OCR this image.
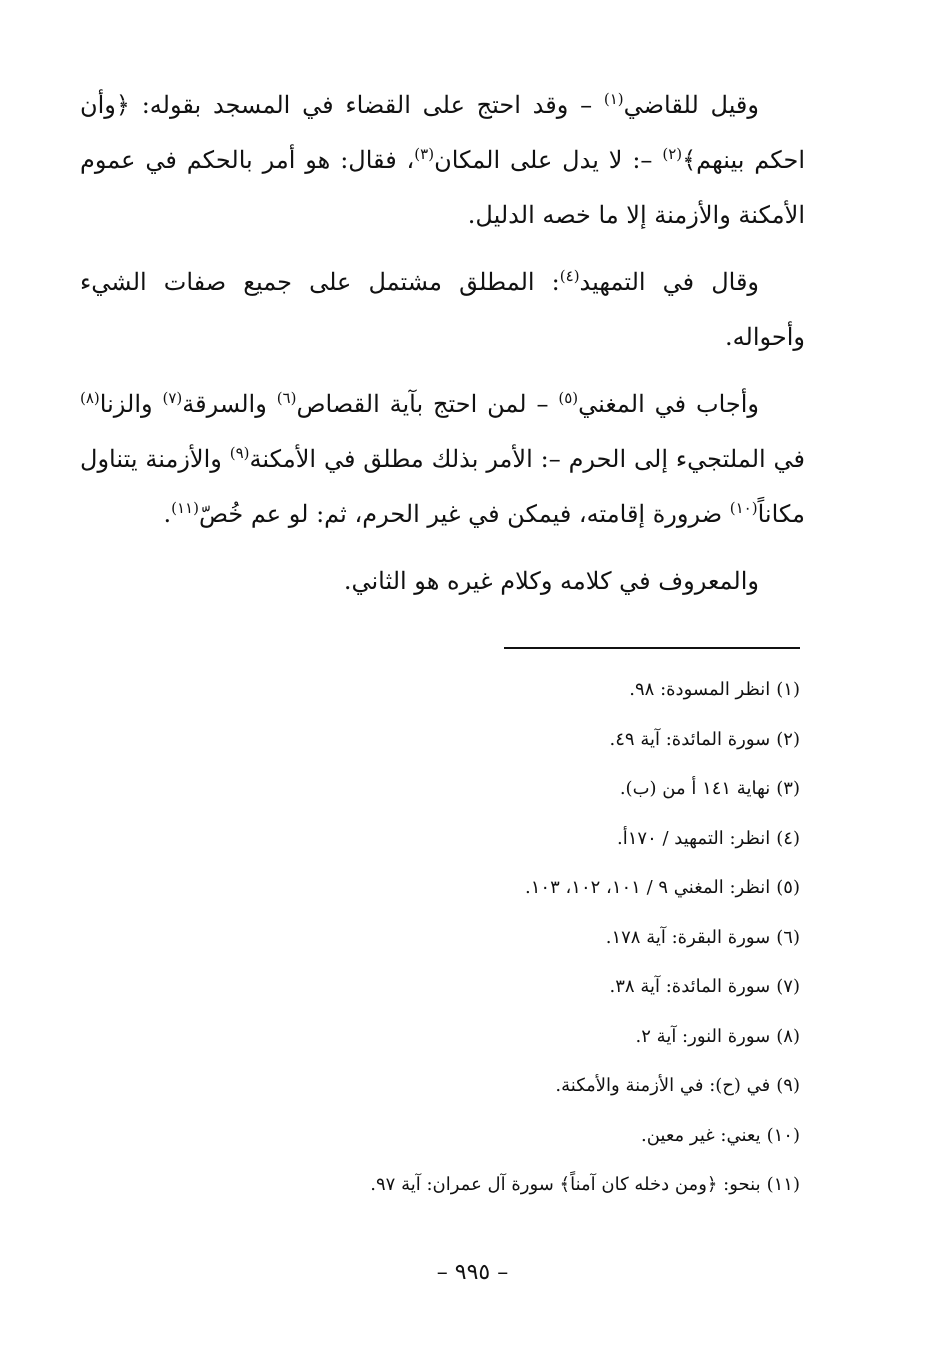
وقيل للقاضي$^{(١)}$ – وقد احتج على القضاء في المسجد بقوله: ﴿وأن احكم بينهم﴾$^{(٢)}$ –: لا يدل على المكان$^{(٣)}$، فقال: هو أمر بالحكم في عموم الأمكنة والأزمنة إلا ما خصه الدليل.

وقال في التمهيد$^{(٤)}$: المطلق مشتمل على جميع صفات الشيء وأحواله.

وأجاب في المغني$^{(٥)}$ – لمن احتج بآية القصاص$^{(٦)}$ والسرقة$^{(٧)}$ والزنا$^{(٨)}$ في الملتجيء إلى الحرم –: الأمر بذلك مطلق في الأمكنة$^{(٩)}$ والأزمنة يتناول مكاناً$^{(١٠)}$ ضرورة إقامته، فيمكن في غير الحرم، ثم: لو عم خُصّ$^{(١١)}$.

والمعروف في كلامه وكلام غيره هو الثاني.

(١)انظر المسودة: ٩٨.
(٢)سورة المائدة: آية ٤٩.
(٣)نهاية ١٤١ أ من (ب).
(٤)انظر: التمهيد / ١٧٠أ.
(٥)انظر: المغني ٩ / ١٠١، ١٠٢، ١٠٣.
(٦)سورة البقرة: آية ١٧٨.
(٧)سورة المائدة: آية ٣٨.
(٨)سورة النور: آية ٢.
(٩)في (ح): في الأزمنة والأمكنة.
(١٠)يعني: غير معين.
(١١)بنحو: ﴿ومن دخله كان آمناً﴾ سورة آل عمران: آية ٩٧.
– ٩٩٥ –
